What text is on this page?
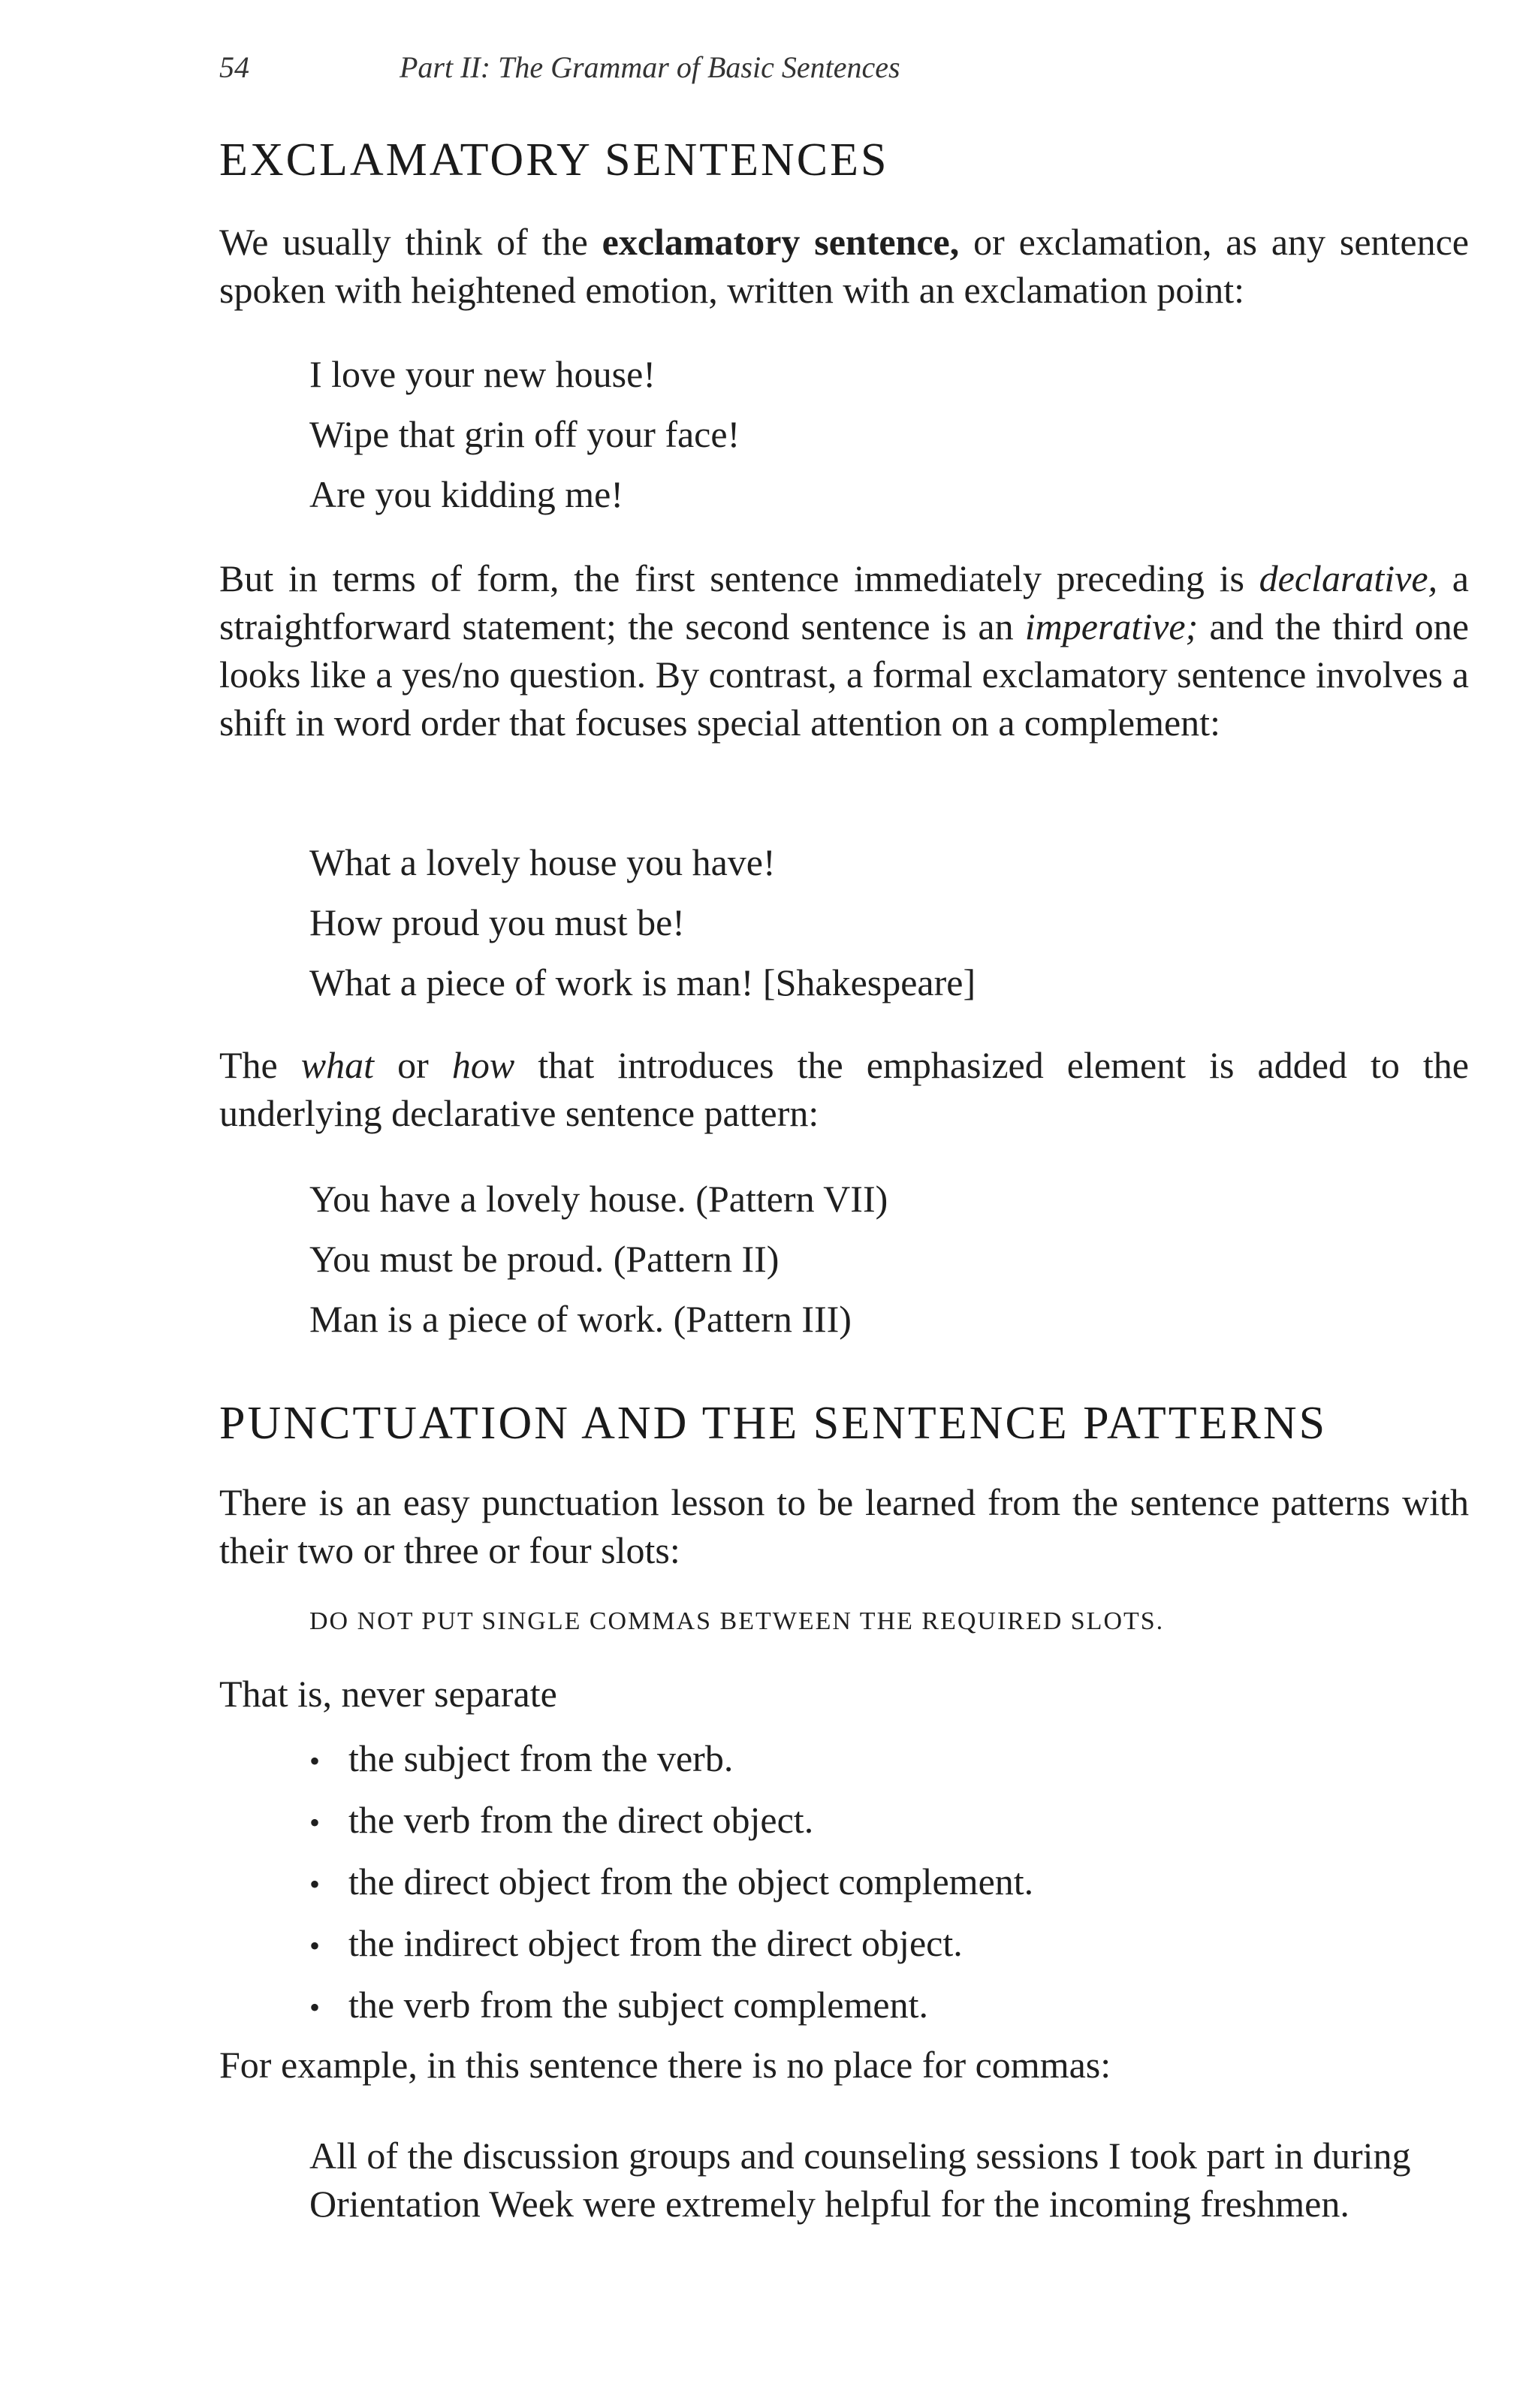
54	Part II: The Grammar of Basic Sentences
EXCLAMATORY SENTENCES

We usually think of the exclamatory sentence, or exclamation, as any sentence spoken with heightened emotion, written with an exclamation point:

I love your new house!
Wipe that grin off your face!
Are you kidding me!

But in terms of form, the first sentence immediately preceding is declarative, a straightforward statement; the second sentence is an imperative; and the third one looks like a yes/no question. By contrast, a formal exclamatory sentence involves a shift in word order that focuses special attention on a complement:

What a lovely house you have!
How proud you must be!
What a piece of work is man! [Shakespeare]

The what or how that introduces the emphasized element is added to the underlying declarative sentence pattern:

You have a lovely house. (Pattern VII)
You must be proud. (Pattern II)
Man is a piece of work. (Pattern III)
PUNCTUATION AND THE SENTENCE PATTERNS

There is an easy punctuation lesson to be learned from the sentence patterns with their two or three or four slots:

DO NOT PUT SINGLE COMMAS BETWEEN THE REQUIRED SLOTS.
That is, never separate
• the subject from the verb.
• the verb from the direct object.
• the direct object from the object complement.
• the indirect object from the direct object.
• the verb from the subject complement.
For example, in this sentence there is no place for commas:

All of the discussion groups and counseling sessions I took part in during Orientation Week were extremely helpful for the incoming freshmen.
